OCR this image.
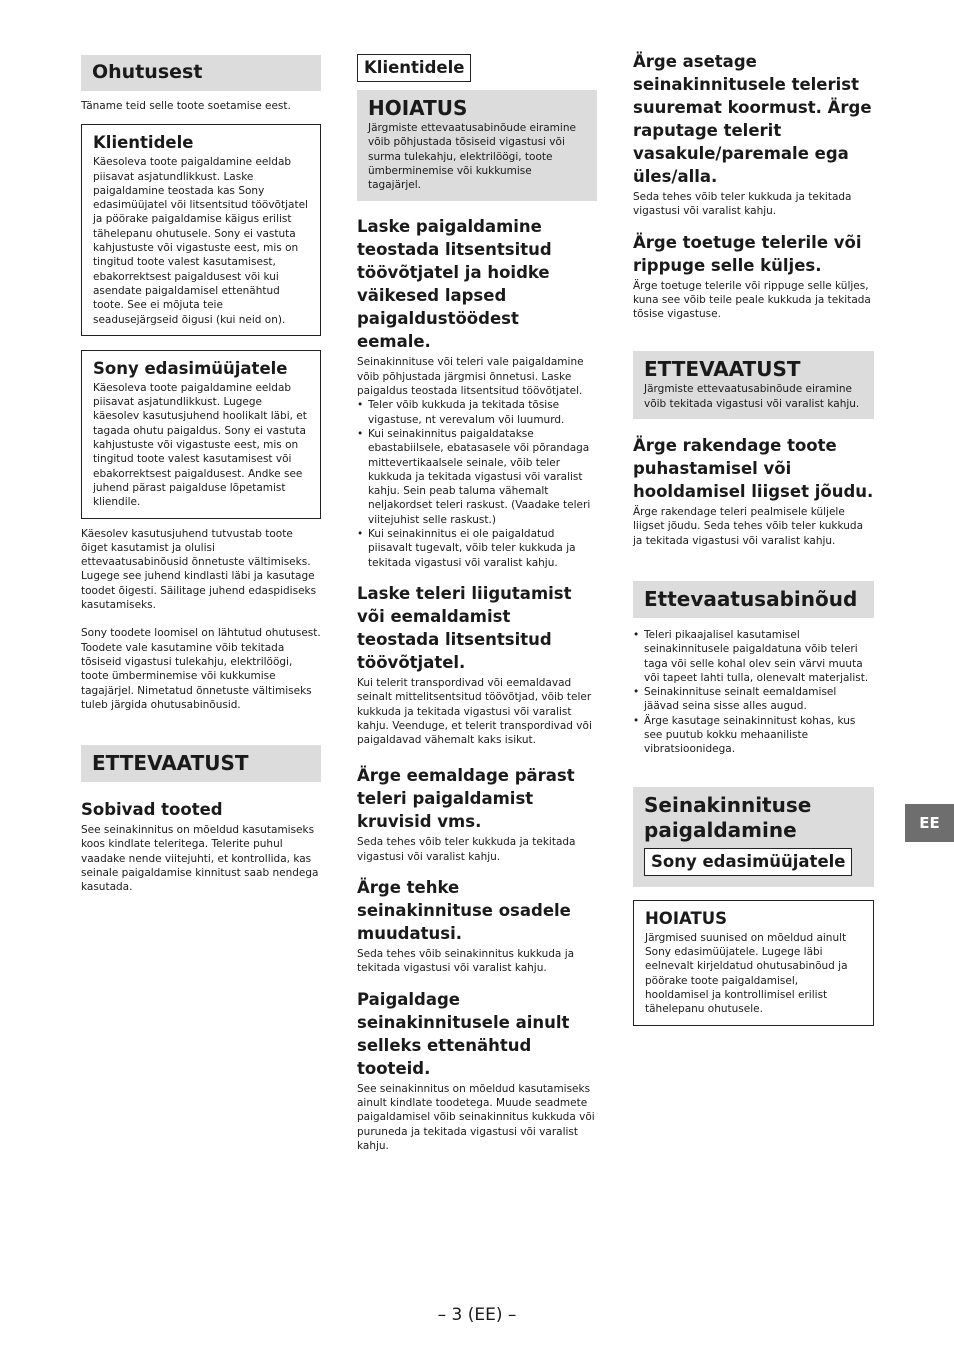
Ohutusest

Täname teid selle toote soetamise eest.

Klientidele

Käesoleva toote paigaldamine eeldab piisavat asjatundlikkust. Laske paigaldamine teostada kas Sony edasimüüjatel või litsentsitud töövõtjatel ja pöörake paigaldamise käigus erilist tähelepanu ohutusele. Sony ei vastuta kahjustuste või vigastuste eest, mis on tingitud toote valest kasutamisest, ebakorrektsest paigaldusest või kui asendate paigaldamisel ettenähtud toote. See ei mõjuta teie seadusejärgseid õigusi (kui neid on).

Sony edasimüüjatele

Käesoleva toote paigaldamine eeldab piisavat asjatundlikkust. Lugege käesolev kasutusjuhend hoolikalt läbi, et tagada ohutu paigaldus. Sony ei vastuta kahjustuste või vigastuste eest, mis on tingitud toote valest kasutamisest või ebakorrektsest paigaldusest. Andke see juhend pärast paigalduse lõpetamist kliendile.

Käesolev kasutusjuhend tutvustab toote õiget kasutamist ja olulisi ettevaatusabinõusid õnnetuste vältimiseks. Lugege see juhend kindlasti läbi ja kasutage toodet õigesti. Säilitage juhend edaspidiseks kasutamiseks.

Sony toodete loomisel on lähtutud ohutusest. Toodete vale kasutamine võib tekitada tõsiseid vigastusi tulekahju, elektrilöögi, toote ümberminemise või kukkumise tagajärjel. Nimetatud õnnetuste vältimiseks tuleb järgida ohutusabinõusid.

ETTEVAATUST
Sobivad tooted

See seinakinnitus on mõeldud kasutamiseks koos kindlate teleritega. Telerite puhul vaadake nende viitejuhti, et kontrollida, kas seinale paigaldamise kinnitust saab nendega kasutada.

Klientidele
HOIATUS

Järgmiste ettevaatusabinõude eiramine võib põhjustada tõsiseid vigastusi või surma tulekahju, elektrilöögi, toote ümberminemise või kukkumise tagajärjel.

Laske paigaldamine teostada litsentsitud töövõtjatel ja hoidke väikesed lapsed paigaldustöödest eemale.

Seinakinnituse või teleri vale paigaldamine võib põhjustada järgmisi õnnetusi. Laske paigaldus teostada litsentsitud töövõtjatel.

• Teler võib kukkuda ja tekitada tõsise vigastuse, nt verevalum või luumurd.
• Kui seinakinnitus paigaldatakse ebastabiilsele, ebatasasele või põrandaga mittevertikaalsele seinale, võib teler kukkuda ja tekitada vigastusi või varalist kahju. Sein peab taluma vähemalt neljakordset teleri raskust. (Vaadake teleri viitejuhist selle raskust.)
• Kui seinakinnitus ei ole paigaldatud piisavalt tugevalt, võib teler kukkuda ja tekitada vigastusi või varalist kahju.
Laske teleri liigutamist või eemaldamist teostada litsentsitud töövõtjatel.

Kui telerit transpordivad või eemaldavad seinalt mittelitsentsitud töövõtjad, võib teler kukkuda ja tekitada vigastusi või varalist kahju. Veenduge, et telerit transpordivad või paigaldavad vähemalt kaks isikut.

Ärge eemaldage pärast teleri paigaldamist kruvisid vms.

Seda tehes võib teler kukkuda ja tekitada vigastusi või varalist kahju.

Ärge tehke seinakinnituse osadele muudatusi.

Seda tehes võib seinakinnitus kukkuda ja tekitada vigastusi või varalist kahju.

Paigaldage seinakinnitusele ainult selleks ettenähtud tooteid.

See seinakinnitus on mõeldud kasutamiseks ainult kindlate toodetega. Muude seadmete paigaldamisel võib seinakinnitus kukkuda või puruneda ja tekitada vigastusi või varalist kahju.

Ärge asetage seinakinnitusele telerist suuremat koormust. Ärge raputage telerit vasakule/paremale ega üles/alla.

Seda tehes võib teler kukkuda ja tekitada vigastusi või varalist kahju.

Ärge toetuge telerile või rippuge selle küljes.

Ärge toetuge telerile või rippuge selle küljes, kuna see võib teile peale kukkuda ja tekitada tõsise vigastuse.

ETTEVAATUST

Järgmiste ettevaatusabinõude eiramine võib tekitada vigastusi või varalist kahju.

Ärge rakendage toote puhastamisel või hooldamisel liigset jõudu.

Ärge rakendage teleri pealmisele küljele liigset jõudu. Seda tehes võib teler kukkuda ja tekitada vigastusi või varalist kahju.

Ettevaatusabinõud
• Teleri pikaajalisel kasutamisel seinakinnitusele paigaldatuna võib teleri taga või selle kohal olev sein värvi muuta või tapeet lahti tulla, olenevalt materjalist.
• Seinakinnituse seinalt eemaldamisel jäävad seina sisse alles augud.
• Ärge kasutage seinakinnitust kohas, kus see puutub kokku mehaaniliste vibratsioonidega.
Seinakinnituse paigaldamine
Sony edasimüüjatele
HOIATUS

Järgmised suunised on mõeldud ainult Sony edasimüüjatele. Lugege läbi eelnevalt kirjeldatud ohutusabinõud ja pöörake toote paigaldamisel, hooldamisel ja kontrollimisel erilist tähelepanu ohutusele.

EE
– 3 (EE) –
